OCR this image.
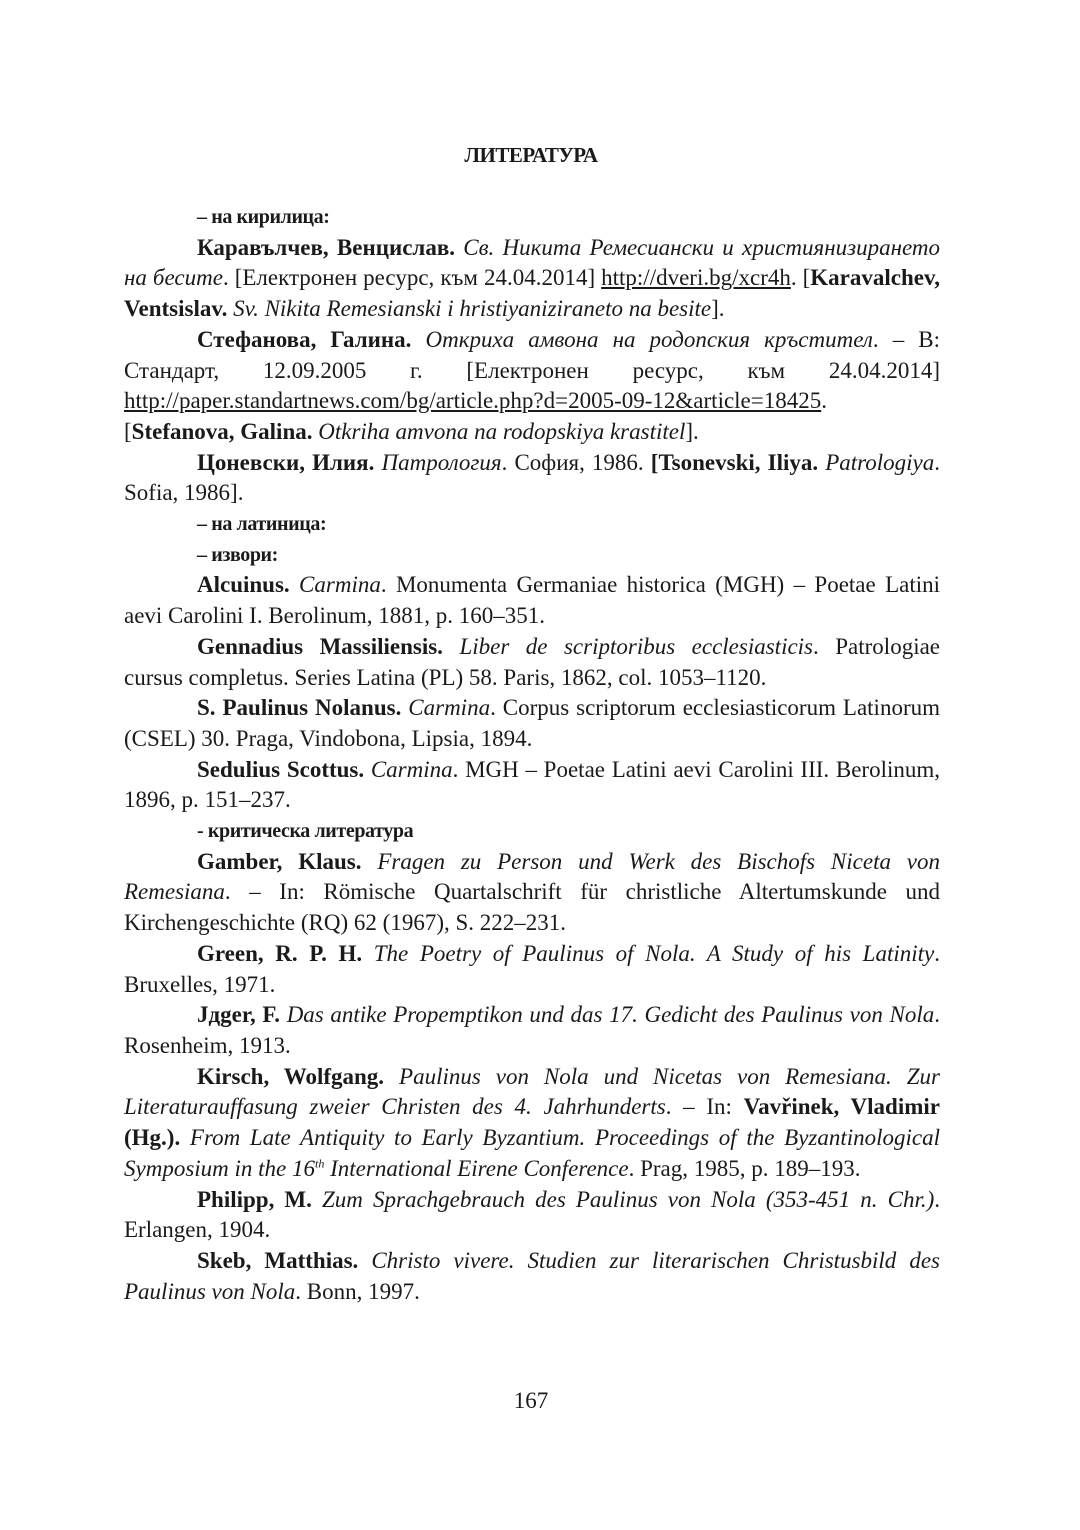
ЛИТЕРАТУРА

– на кирилица:

Каравълчев, Венцислав. Св. Никита Ремесиански и християнизирането на бесите. [Електронен ресурс, към 24.04.2014] http://dveri.bg/xcr4h. [Karavalchev, Ventsislav. Sv. Nikita Remesianski i hristiyaniziraneto na besite].

Стефанова, Галина. Открихa амвона на родопския кръстител. – В: Стандарт, 12.09.2005 г. [Електронен ресурс, към 24.04.2014] http://paper.standartnews.com/bg/article.php?d=2005-09-12&article=18425. [Stefanova, Galina. Otkriha amvona na rodopskiya krastitel].

Цоневски, Илия. Патрология. София, 1986. [Tsonevski, Iliya. Patrologiya. Sofia, 1986].

– на латиница:

– извори:

Alcuinus. Carmina. Monumenta Germaniae historica (MGH) – Poetae Latini aevi Carolini I. Berolinum, 1881, p. 160–351.

Gennadius Massiliensis. Liber de scriptoribus ecclesiasticis. Patrologiae cursus completus. Series Latina (PL) 58. Paris, 1862, col. 1053–1120.

S. Paulinus Nolanus. Carmina. Corpus scriptorum ecclesiasticorum Latinorum (CSEL) 30. Praga, Vindobona, Lipsia, 1894.

Sedulius Scottus. Carmina. MGH – Poetae Latini aevi Carolini III. Berolinum, 1896, p. 151–237.

- критическа литература

Gamber, Klaus. Fragen zu Person und Werk des Bischofs Niceta von Remesiana. – In: Römische Quartalschrift für christliche Altertumskunde und Kirchengeschichte (RQ) 62 (1967), S. 222–231.

Green, R. P. H. The Poetry of Paulinus of Nola. A Study of his Latinity. Bruxelles, 1971.

Jдger, F. Das antike Propemptikon und das 17. Gedicht des Paulinus von Nola. Rosenheim, 1913.

Kirsch, Wolfgang. Paulinus von Nola und Nicetas von Remesiana. Zur Literaturauffasung zweier Christen des 4. Jahrhunderts. – In: Vavřinek, Vladimir (Hg.). From Late Antiquity to Early Byzantium. Proceedings of the Byzantinological Symposium in the 16th International Eirene Conference. Prag, 1985, p. 189–193.

Philipp, M. Zum Sprachgebrauch des Paulinus von Nola (353-451 n. Chr.). Erlangen, 1904.

Skeb, Matthias. Christo vivere. Studien zur literarischen Christusbild des Paulinus von Nola. Bonn, 1997.

167
